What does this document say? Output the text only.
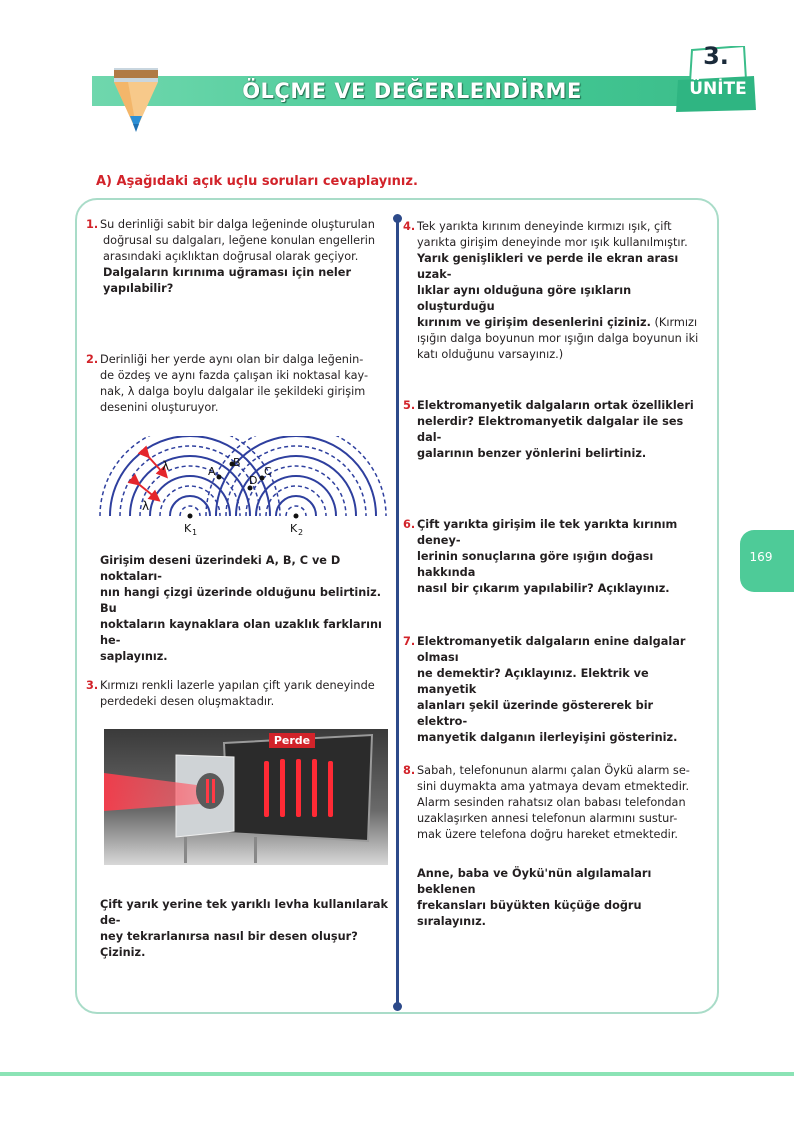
ÖLÇME VE DEĞERLENDİRME
3.
ÜNİTE
A) Aşağıdaki açık uçlu soruları cevaplayınız.
1. Su derinliği sabit bir dalga leğeninde oluşturulan

doğrusal su dalgaları, leğene konulan engellerin

arasındaki açıklıktan doğrusal olarak geçiyor.

Dalgaların kırınıma uğraması için neler yapılabilir?

2. Derinliği her yerde aynı olan bir dalga leğenin-

de özdeş ve aynı fazda çalışan iki noktasal kay-

nak, λ dalga boylu dalgalar ile şekildeki girişim

desenini oluşturuyor.

λ
λ
A
B
C
D
K 1	K 2
Girişim deseni üzerindeki A, B, C ve D noktaları-
nın hangi çizgi üzerinde olduğunu belirtiniz. Bu
noktaların kaynaklara olan uzaklık farklarını he-
saplayınız.
3. Kırmızı renkli lazerle yapılan çift yarık deneyinde

perdedeki desen oluşmaktadır.

Perde
Çift yarık yerine tek yarıklı levha kullanılarak de-
ney tekrarlanırsa nasıl bir desen oluşur? Çiziniz.
4. Tek yarıkta kırınım deneyinde kırmızı ışık, çift

yarıkta girişim deneyinde mor ışık kullanılmıştır.

Yarık genişlikleri ve perde ile ekran arası uzak-

lıklar aynı olduğuna göre ışıkların oluşturduğu

kırınım ve girişim desenlerini çiziniz. (Kırmızı

ışığın dalga boyunun mor ışığın dalga boyunun iki

katı olduğunu varsayınız.)

5. Elektromanyetik dalgaların ortak özellikleri

nelerdir? Elektromanyetik dalgalar ile ses dal-

galarının benzer yönlerini belirtiniz.

6. Çift yarıkta girişim ile tek yarıkta kırınım deney-

lerinin sonuçlarına göre ışığın doğası hakkında

nasıl bir çıkarım yapılabilir? Açıklayınız.

7. Elektromanyetik dalgaların enine dalgalar olması

ne demektir? Açıklayınız. Elektrik ve manyetik

alanları şekil üzerinde göstererek bir elektro-

manyetik dalganın ilerleyişini gösteriniz.

8. Sabah, telefonunun alarmı çalan Öykü alarm se-

sini duymakta ama yatmaya devam etmektedir.

Alarm sesinden rahatsız olan babası telefondan

uzaklaşırken annesi telefonun alarmını sustur-

mak üzere telefona doğru hareket etmektedir.

Anne, baba ve Öykü'nün algılamaları beklenen
frekansları büyükten küçüğe doğru sıralayınız.
169
